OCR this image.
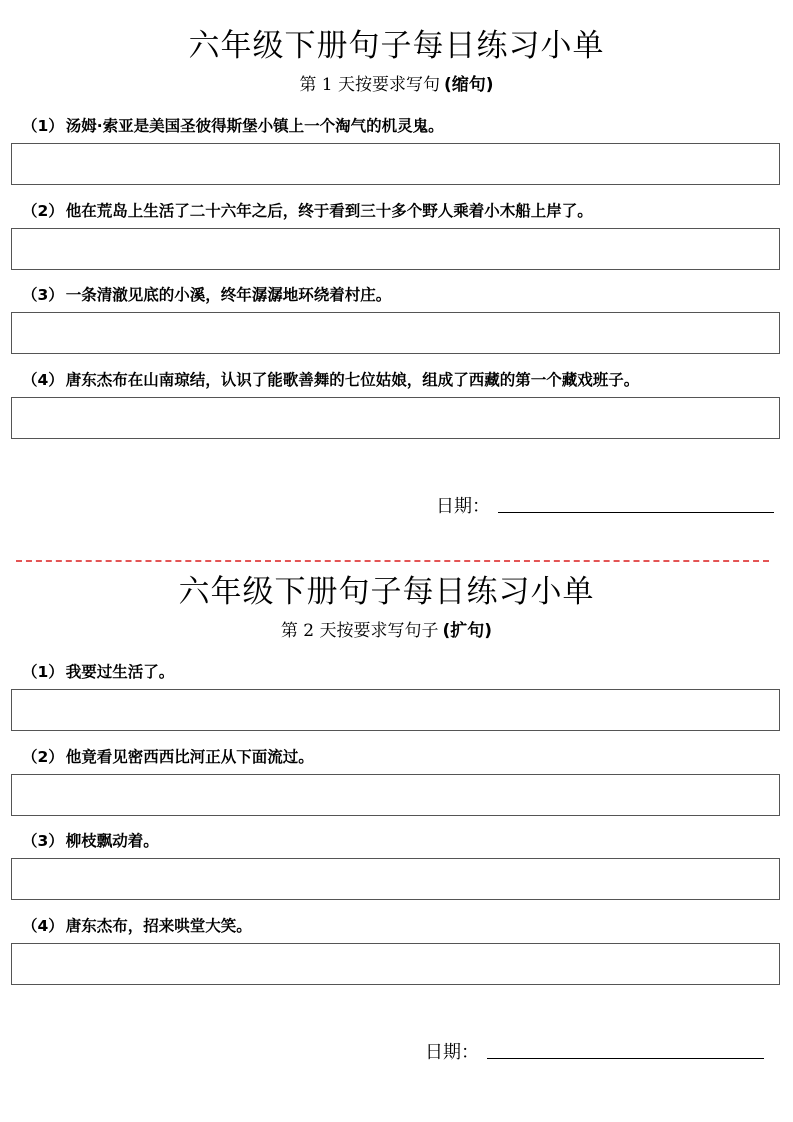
六年级下册句子每日练习小单
第 1 天按要求写句 (缩句)
（1） 汤姆·索亚是美国圣彼得斯堡小镇上一个淘气的机灵鬼。
（2） 他在荒岛上生活了二十六年之后，终于看到三十多个野人乘着小木船上岸了。
（3） 一条清澈见底的小溪，终年潺潺地环绕着村庄。
（4） 唐东杰布在山南琼结，认识了能歌善舞的七位姑娘，组成了西藏的第一个藏戏班子。
日期：
六年级下册句子每日练习小单
第 2 天按要求写句子 (扩句)
（1） 我要过生活了。
（2） 他竟看见密西西比河正从下面流过。
（3） 柳枝飘动着。
（4） 唐东杰布，招来哄堂大笑。
日期：
